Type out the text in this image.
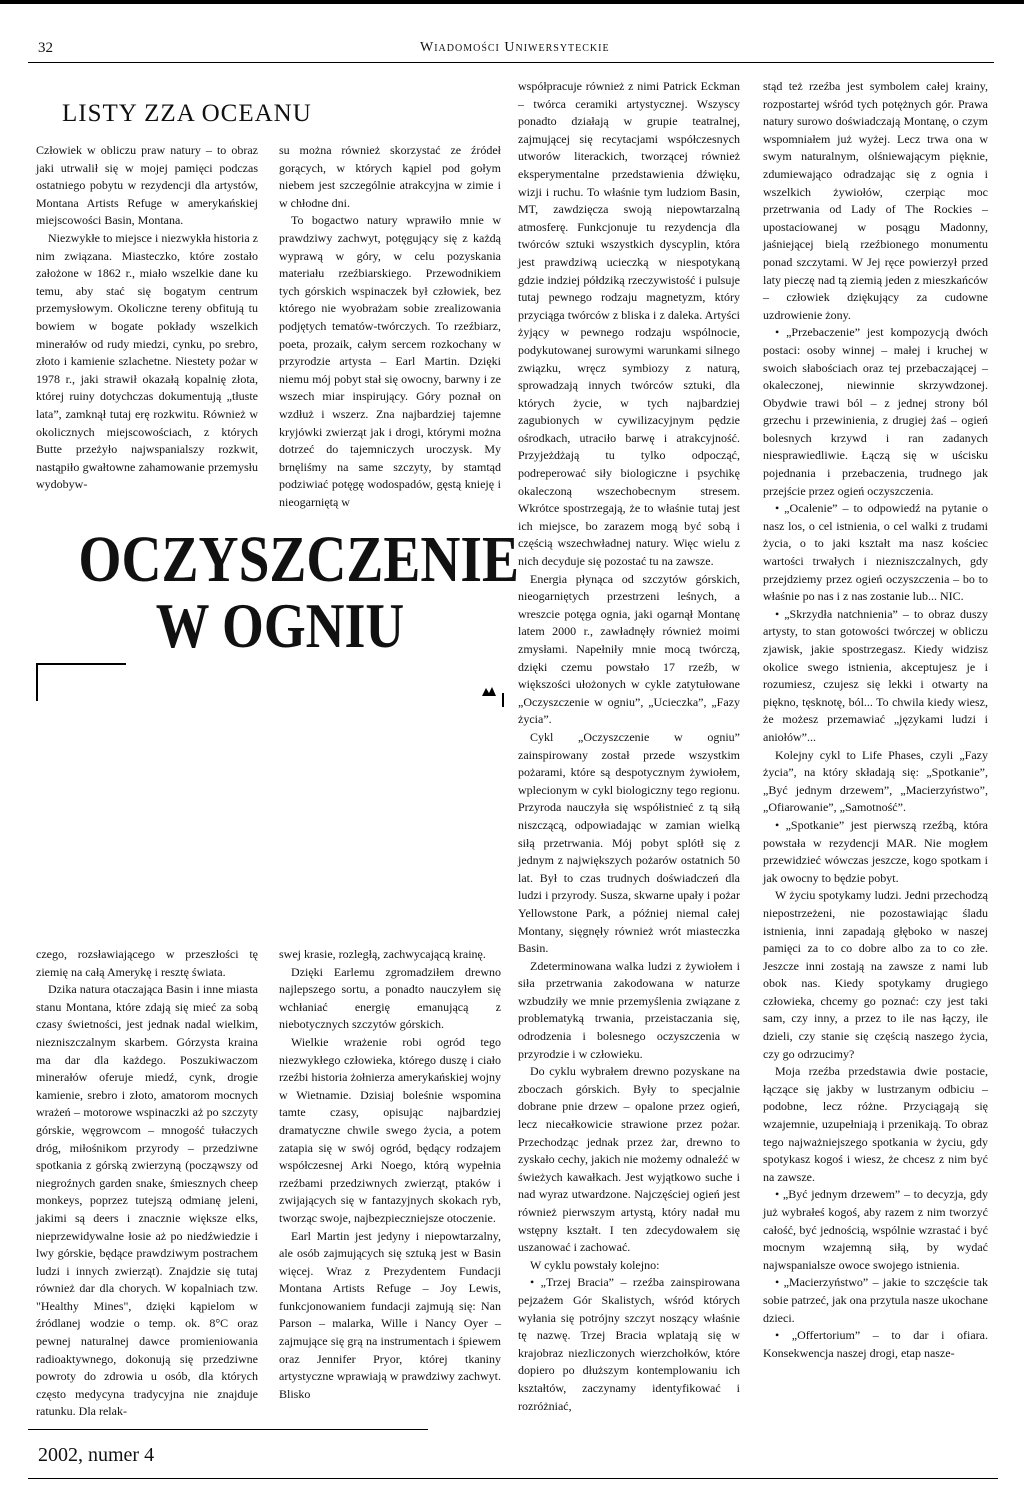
32	Wiadomości Uniwersyteckie
LISTY ZZA OCEANU

Człowiek w obliczu praw natury – to obraz jaki utrwalił się w mojej pamięci podczas ostatniego pobytu w rezydencji dla artystów, Montana Artists Refuge w amerykańskiej miejscowości Basin, Montana.

Niezwykłe to miejsce i niezwykła historia z nim związana. Miasteczko, które zostało założone w 1862 r., miało wszelkie dane ku temu, aby stać się bogatym centrum przemysłowym. Okoliczne tereny obfitują tu bowiem w bogate pokłady wszelkich minerałów od rudy miedzi, cynku, po srebro, złoto i kamienie szlachetne. Niestety pożar w 1978 r., jaki strawił okazałą kopalnię złota, której ruiny dotychczas dokumentują „tłuste lata”, zamknął tutaj erę rozkwitu. Również w okolicznych miejscowościach, z których Butte przeżyło najwspanialszy rozkwit, nastąpiło gwałtowne zahamowanie przemysłu wydobyw-

su można również skorzystać ze źródeł gorących, w których kąpiel pod gołym niebem jest szczególnie atrakcyjna w zimie i w chłodne dni.

To bogactwo natury wprawiło mnie w prawdziwy zachwyt, potęgujący się z każdą wyprawą w góry, w celu pozyskania materiału rzeźbiarskiego. Przewodnikiem tych górskich wspinaczek był człowiek, bez którego nie wyobrażam sobie zrealizowania podjętych tematów-twórczych. To rzeźbiarz, poeta, prozaik, całym sercem rozkochany w przyrodzie artysta – Earl Martin. Dzięki niemu mój pobyt stał się owocny, barwny i ze wszech miar inspirujący. Góry poznał on wzdłuż i wszerz. Zna najbardziej tajemne kryjówki zwierząt jak i drogi, którymi można dotrzeć do tajemniczych uroczysk. My brnęliśmy na same szczyty, by stamtąd podziwiać potęgę wodospadów, gęstą knieję i nieogarniętą w

OCZYSZCZENIE
W OGNIU

czego, rozsławiającego w przeszłości tę ziemię na całą Amerykę i resztę świata.

Dzika natura otaczająca Basin i inne miasta stanu Montana, które zdają się mieć za sobą czasy świetności, jest jednak nadal wielkim, niezniszczalnym skarbem. Górzysta kraina ma dar dla każdego. Poszukiwaczom minerałów oferuje miedź, cynk, drogie kamienie, srebro i złoto, amatorom mocnych wrażeń – motorowe wspinaczki aż po szczyty górskie, węgrowcom – mnogość tułaczych dróg, miłośnikom przyrody – przedziwne spotkania z górską zwierzyną (począwszy od niegroźnych garden snake, śmiesznych cheep monkeys, poprzez tutejszą odmianę jeleni, jakimi są deers i znacznie większe elks, nieprzewidywalne łosie aż po niedźwiedzie i lwy górskie, będące prawdziwym postrachem ludzi i innych zwierząt). Znajdzie się tutaj również dar dla chorych. W kopalniach tzw. "Healthy Mines", dzięki kąpielom w źródlanej wodzie o temp. ok. 8°C oraz pewnej naturalnej dawce promieniowania radioaktywnego, dokonują się przedziwne powroty do zdrowia u osób, dla których często medycyna tradycyjna nie znajduje ratunku. Dla relak-

swej krasie, rozległą, zachwycającą krainę.

Dzięki Earlemu zgromadziłem drewno najlepszego sortu, a ponadto nauczyłem się wchłaniać energię emanującą z niebotycznych szczytów górskich.

Wielkie wrażenie robi ogród tego niezwykłego człowieka, którego duszę i ciało rzeźbi historia żołnierza amerykańskiej wojny w Wietnamie. Dzisiaj boleśnie wspomina tamte czasy, opisując najbardziej dramatyczne chwile swego życia, a potem zatapia się w swój ogród, będący rodzajem współczesnej Arki Noego, którą wypełnia rzeźbami przedziwnych zwierząt, ptaków i zwijających się w fantazyjnych skokach ryb, tworząc swoje, najbezpieczniejsze otoczenie.

Earl Martin jest jedyny i niepowtarzalny, ale osób zajmujących się sztuką jest w Basin więcej. Wraz z Prezydentem Fundacji Montana Artists Refuge – Joy Lewis, funkcjonowaniem fundacji zajmują się: Nan Parson – malarka, Wille i Nancy Oyer – zajmujące się grą na instrumentach i śpiewem oraz Jennifer Pryor, której tkaniny artystyczne wprawiają w prawdziwy zachwyt. Blisko

współpracuje również z nimi Patrick Eckman – twórca ceramiki artystycznej. Wszyscy ponadto działają w grupie teatralnej, zajmującej się recytacjami współczesnych utworów literackich, tworzącej również eksperymentalne przedstawienia dźwięku, wizji i ruchu. To właśnie tym ludziom Basin, MT, zawdzięcza swoją niepowtarzalną atmosferę. Funkcjonuje tu rezydencja dla twórców sztuki wszystkich dyscyplin, która jest prawdziwą ucieczką w niespotykaną gdzie indziej półdziką rzeczywistość i pulsuje tutaj pewnego rodzaju magnetyzm, który przyciąga twórców z bliska i z daleka. Artyści żyjący w pewnego rodzaju wspólnocie, podykutowanej surowymi warunkami silnego związku, wręcz symbiozy z naturą, sprowadzają innych twórców sztuki, dla których życie, w tych najbardziej zagubionych w cywilizacyjnym pędzie ośrodkach, utraciło barwę i atrakcyjność. Przyjeżdżają tu tylko odpocząć, podreperować siły biologiczne i psychikę okaleczoną wszechobecnym stresem. Wkrótce spostrzegają, że to właśnie tutaj jest ich miejsce, bo zarazem mogą być sobą i częścią wszechwładnej natury. Więc wielu z nich decyduje się pozostać tu na zawsze.

Energia płynąca od szczytów górskich, nieogarniętych przestrzeni leśnych, a wreszcie potęga ognia, jaki ogarnął Montanę latem 2000 r., zawładnęły również moimi zmysłami. Napełniły mnie mocą twórczą, dzięki czemu powstało 17 rzeźb, w większości ułożonych w cykle zatytułowane „Oczyszczenie w ogniu”, „Ucieczka”, „Fazy życia”.

Cykl „Oczyszczenie w ogniu” zainspirowany został przede wszystkim pożarami, które są despotycznym żywiołem, wplecionym w cykl biologiczny tego regionu. Przyroda nauczyła się współistnieć z tą siłą niszczącą, odpowiadając w zamian wielką siłą przetrwania. Mój pobyt splótł się z jednym z największych pożarów ostatnich 50 lat. Był to czas trudnych doświadczeń dla ludzi i przyrody. Susza, skwarne upały i pożar Yellowstone Park, a później niemal całej Montany, sięgnęły również wrót miasteczka Basin.

Zdeterminowana walka ludzi z żywiołem i siła przetrwania zakodowana w naturze wzbudziły we mnie przemyślenia związane z problematyką trwania, przeistaczania się, odrodzenia i bolesnego oczyszczenia w przyrodzie i w człowieku.

Do cyklu wybrałem drewno pozyskane na zboczach górskich. Były to specjalnie dobrane pnie drzew – opalone przez ogień, lecz niecałkowicie strawione przez pożar. Przechodząc jednak przez żar, drewno to zyskało cechy, jakich nie możemy odnaleźć w świeżych kawałkach. Jest wyjątkowo suche i nad wyraz utwardzone. Najczęściej ogień jest również pierwszym artystą, który nadał mu wstępny kształt. I ten zdecydowałem się uszanować i zachować.

W cyklu powstały kolejno:

• „Trzej Bracia” – rzeźba zainspirowana pejzażem Gór Skalistych, wśród których wyłania się potrójny szczyt noszący właśnie tę nazwę. Trzej Bracia wplatają się w krajobraz niezliczonych wierzchołków, które dopiero po dłuższym kontemplowaniu ich kształtów, zaczynamy identyfikować i rozróżniać,

stąd też rzeźba jest symbolem całej krainy, rozpostartej wśród tych potężnych gór. Prawa natury surowo doświadczają Montanę, o czym wspomniałem już wyżej. Lecz trwa ona w swym naturalnym, olśniewającym pięknie, zdumiewająco odradzając się z ognia i wszelkich żywiołów, czerpiąc moc przetrwania od Lady of The Rockies – upostaciowanej w posągu Madonny, jaśniejącej bielą rzeźbionego monumentu ponad szczytami. W Jej ręce powierzył przed laty pieczę nad tą ziemią jeden z mieszkańców – człowiek dziękujący za cudowne uzdrowienie żony.

• „Przebaczenie” jest kompozycją dwóch postaci: osoby winnej – małej i kruchej w swoich słabościach oraz tej przebaczającej – okaleczonej, niewinnie skrzywdzonej. Obydwie trawi ból – z jednej strony ból grzechu i przewinienia, z drugiej żaś – ogień bolesnych krzywd i ran zadanych niesprawiedliwie. Łączą się w uścisku pojednania i przebaczenia, trudnego jak przejście przez ogień oczyszczenia.

• „Ocalenie” – to odpowiedź na pytanie o nasz los, o cel istnienia, o cel walki z trudami życia, o to jaki kształt ma nasz kościec wartości trwałych i niezniszczalnych, gdy przejdziemy przez ogień oczyszczenia – bo to właśnie po nas i z nas zostanie lub... NIC.

• „Skrzydła natchnienia” – to obraz duszy artysty, to stan gotowości twórczej w obliczu zjawisk, jakie spostrzegasz. Kiedy widzisz okolice swego istnienia, akceptujesz je i rozumiesz, czujesz się lekki i otwarty na piękno, tęsknotę, ból... To chwila kiedy wiesz, że możesz przemawiać „językami ludzi i aniołów”...

Kolejny cykl to Life Phases, czyli „Fazy życia”, na który składają się: „Spotkanie”, „Być jednym drzewem”, „Macierzyństwo”, „Ofiarowanie”, „Samotność”.

• „Spotkanie” jest pierwszą rzeźbą, która powstała w rezydencji MAR. Nie mogłem przewidzieć wówczas jeszcze, kogo spotkam i jak owocny to będzie pobyt.

W życiu spotykamy ludzi. Jedni przechodzą niepostrzeżeni, nie pozostawiając śladu istnienia, inni zapadają głęboko w naszej pamięci za to co dobre albo za to co złe. Jeszcze inni zostają na zawsze z nami lub obok nas. Kiedy spotykamy drugiego człowieka, chcemy go poznać: czy jest taki sam, czy inny, a przez to ile nas łączy, ile dzieli, czy stanie się częścią naszego życia, czy go odrzucimy?

Moja rzeźba przedstawia dwie postacie, łączące się jakby w lustrzanym odbiciu – podobne, lecz różne. Przyciągają się wzajemnie, uzupełniają i przenikają. To obraz tego najważniejszego spotkania w życiu, gdy spotykasz kogoś i wiesz, że chcesz z nim być na zawsze.

• „Być jednym drzewem” – to decyzja, gdy już wybrałeś kogoś, aby razem z nim tworzyć całość, być jednością, wspólnie wzrastać i być mocnym wzajemną siłą, by wydać najwspanialsze owoce swojego istnienia.

• „Macierzyństwo” – jakie to szczęście tak sobie patrzeć, jak ona przytula nasze ukochane dzieci.

• „Offertorium” – to dar i ofiara. Konsekwencja naszej drogi, etap nasze-

2002, numer 4
